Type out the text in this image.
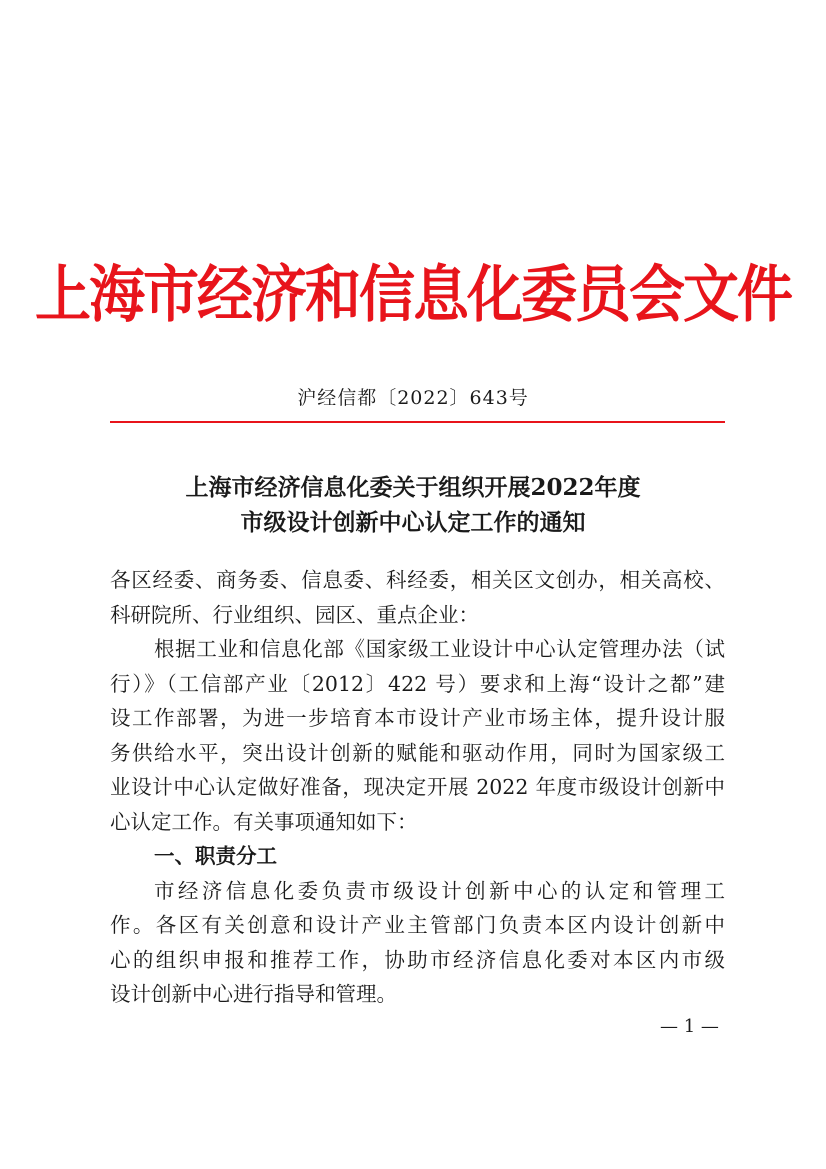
上海市经济和信息化委员会文件
沪经信都〔2022〕643号
上海市经济信息化委关于组织开展2022年度
市级设计创新中心认定工作的通知
各区经委、商务委、信息委、科经委，相关区文创办，相关高校、
科研院所、行业组织、园区、重点企业：
根据工业和信息化部《国家级工业设计中心认定管理办法（试
行）》（工信部产业〔2012〕422 号）要求和上海“设计之都”建
设工作部署，为进一步培育本市设计产业市场主体，提升设计服
务供给水平，突出设计创新的赋能和驱动作用，同时为国家级工
业设计中心认定做好准备，现决定开展 2022 年度市级设计创新中
心认定工作。有关事项通知如下：
一、职责分工
市经济信息化委负责市级设计创新中心的认定和管理工
作。各区有关创意和设计产业主管部门负责本区内设计创新中
心的组织申报和推荐工作，协助市经济信息化委对本区内市级
设计创新中心进行指导和管理。
— 1 —
